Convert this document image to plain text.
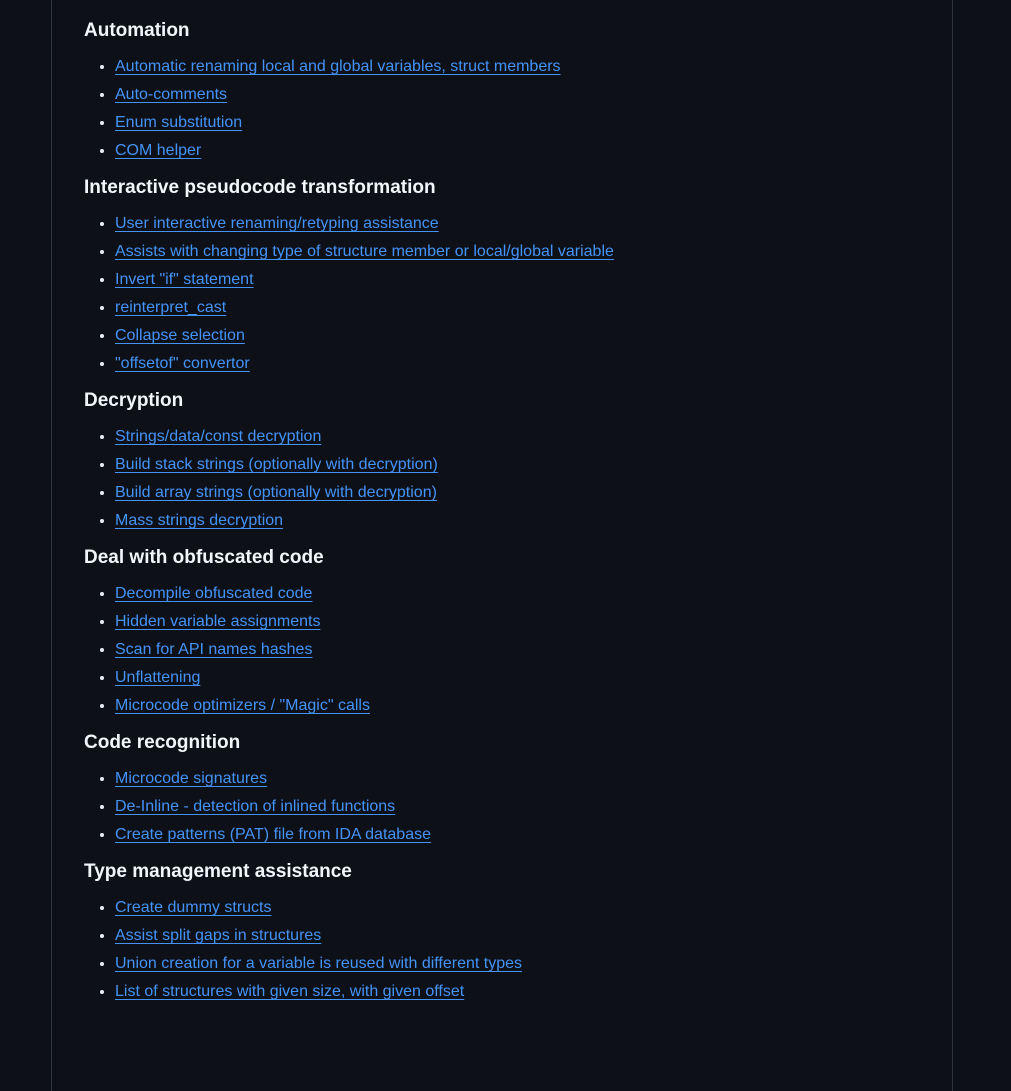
Automation
• Automatic renaming local and global variables, struct members
• Auto-comments
• Enum substitution
• COM helper
Interactive pseudocode transformation
• User interactive renaming/retyping assistance
• Assists with changing type of structure member or local/global variable
• Invert "if" statement
• reinterpret_cast
• Collapse selection
• "offsetof" convertor
Decryption
• Strings/data/const decryption
• Build stack strings (optionally with decryption)
• Build array strings (optionally with decryption)
• Mass strings decryption
Deal with obfuscated code
• Decompile obfuscated code
• Hidden variable assignments
• Scan for API names hashes
• Unflattening
• Microcode optimizers / "Magic" calls
Code recognition
• Microcode signatures
• De-Inline - detection of inlined functions
• Create patterns (PAT) file from IDA database
Type management assistance
• Create dummy structs
• Assist split gaps in structures
• Union creation for a variable is reused with different types
• List of structures with given size, with given offset
